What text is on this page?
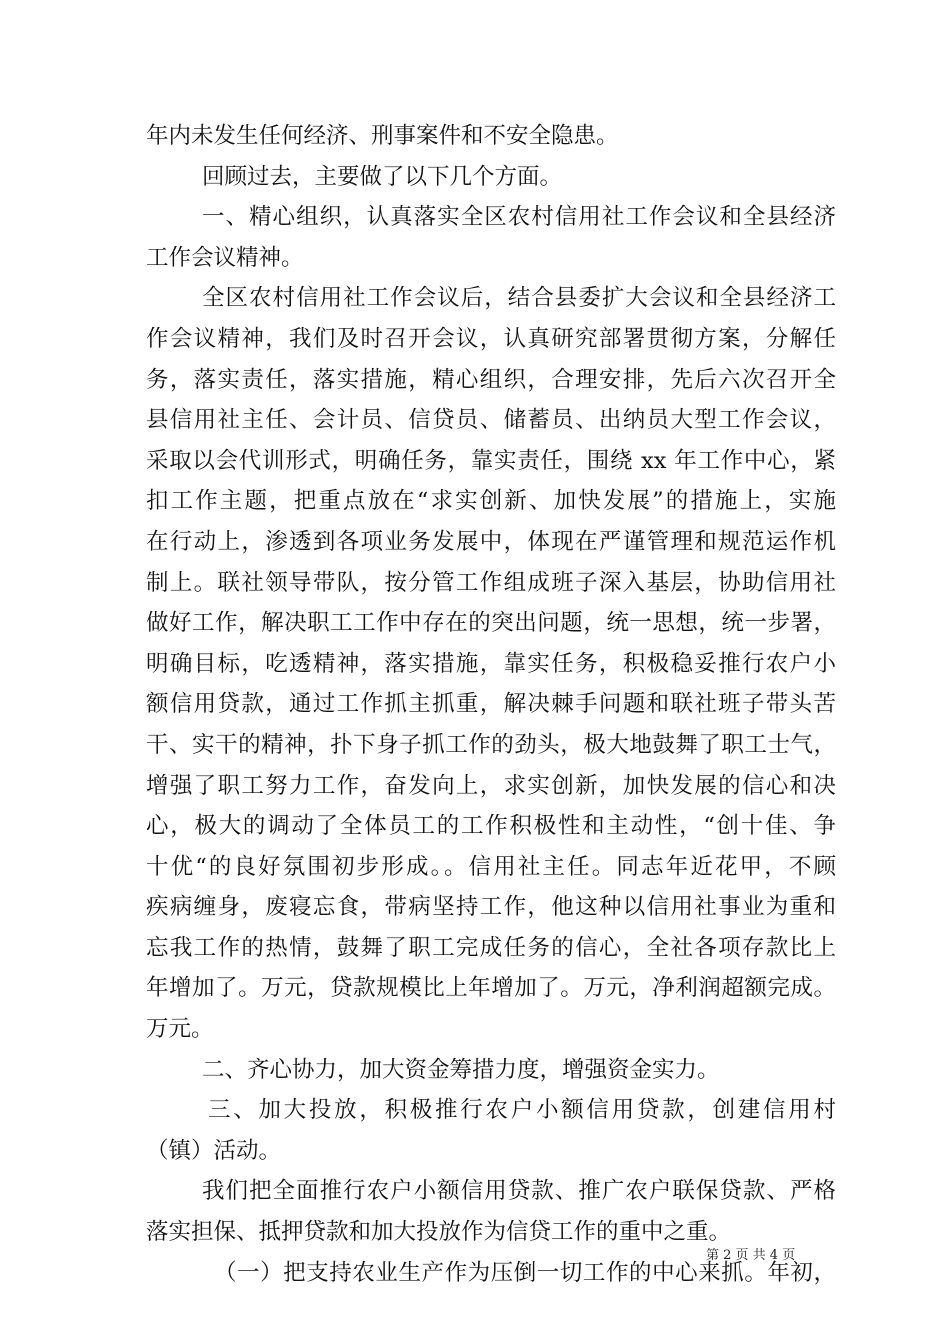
年内未发生任何经济、刑事案件和不安全隐患。
回顾过去，主要做了以下几个方面。
一、精心组织，认真落实全区农村信用社工作会议和全县经济
工作会议精神。
全区农村信用社工作会议后，结合县委扩大会议和全县经济工
作会议精神，我们及时召开会议，认真研究部署贯彻方案，分解任
务，落实责任，落实措施，精心组织，合理安排，先后六次召开全
县信用社主任、会计员、信贷员、储蓄员、出纳员大型工作会议，
采取以会代训形式，明确任务，靠实责任，围绕 xx 年工作中心，紧
扣工作主题，把重点放在“求实创新、加快发展”的措施上，实施
在行动上，渗透到各项业务发展中，体现在严谨管理和规范运作机
制上。联社领导带队，按分管工作组成班子深入基层，协助信用社
做好工作，解决职工工作中存在的突出问题，统一思想，统一步署，
明确目标，吃透精神，落实措施，靠实任务，积极稳妥推行农户小
额信用贷款，通过工作抓主抓重，解决棘手问题和联社班子带头苦
干、实干的精神，扑下身子抓工作的劲头，极大地鼓舞了职工士气，
增强了职工努力工作，奋发向上，求实创新，加快发展的信心和决
心，极大的调动了全体员工的工作积极性和主动性，“创十佳、争
十优“的良好氛围初步形成。。信用社主任。同志年近花甲，不顾
疾病缠身，废寝忘食，带病坚持工作，他这种以信用社事业为重和
忘我工作的热情，鼓舞了职工完成任务的信心，全社各项存款比上
年增加了。万元，贷款规模比上年增加了。万元，净利润超额完成。
万元。
二、齐心协力，加大资金筹措力度，增强资金实力。
三、加大投放，积极推行农户小额信用贷款，创建信用村
（镇）活动。
我们把全面推行农户小额信用贷款、推广农户联保贷款、严格
落实担保、抵押贷款和加大投放作为信贷工作的重中之重。
（一）把支持农业生产作为压倒一切工作的中心来抓。年初，
第 2 页 共 4 页
